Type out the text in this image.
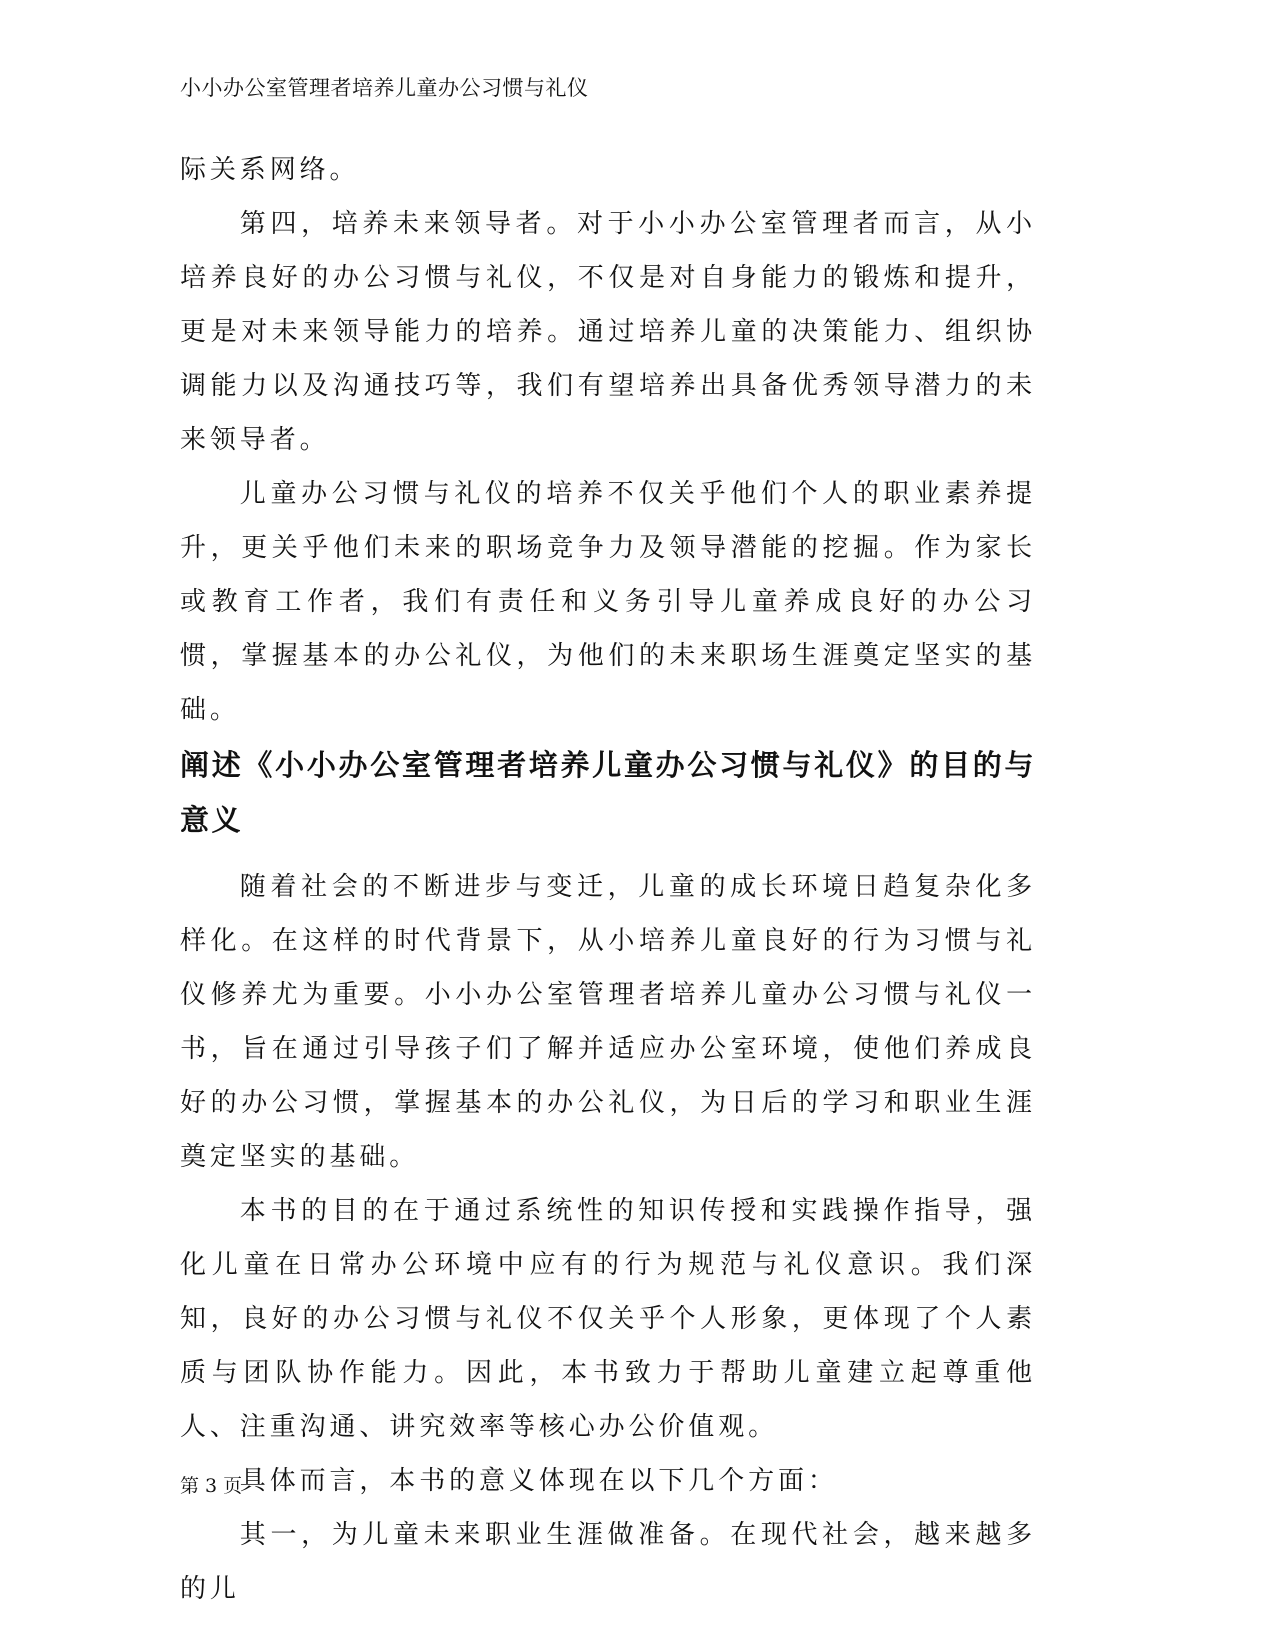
小小办公室管理者培养儿童办公习惯与礼仪

际关系网络。

第四，培养未来领导者。对于小小办公室管理者而言，从小培养良好的办公习惯与礼仪，不仅是对自身能力的锻炼和提升，更是对未来领导能力的培养。通过培养儿童的决策能力、组织协调能力以及沟通技巧等，我们有望培养出具备优秀领导潜力的未来领导者。

儿童办公习惯与礼仪的培养不仅关乎他们个人的职业素养提升，更关乎他们未来的职场竞争力及领导潜能的挖掘。作为家长或教育工作者，我们有责任和义务引导儿童养成良好的办公习惯，掌握基本的办公礼仪，为他们的未来职场生涯奠定坚实的基础。

阐述《小小办公室管理者培养儿童办公习惯与礼仪》的目的与意义

随着社会的不断进步与变迁，儿童的成长环境日趋复杂化多样化。在这样的时代背景下，从小培养儿童良好的行为习惯与礼仪修养尤为重要。小小办公室管理者培养儿童办公习惯与礼仪一书，旨在通过引导孩子们了解并适应办公室环境，使他们养成良好的办公习惯，掌握基本的办公礼仪，为日后的学习和职业生涯奠定坚实的基础。

本书的目的在于通过系统性的知识传授和实践操作指导，强化儿童在日常办公环境中应有的行为规范与礼仪意识。我们深知，良好的办公习惯与礼仪不仅关乎个人形象，更体现了个人素质与团队协作能力。因此，本书致力于帮助儿童建立起尊重他人、注重沟通、讲究效率等核心办公价值观。

具体而言，本书的意义体现在以下几个方面：

其一，为儿童未来职业生涯做准备。在现代社会，越来越多的儿

第 3 页
